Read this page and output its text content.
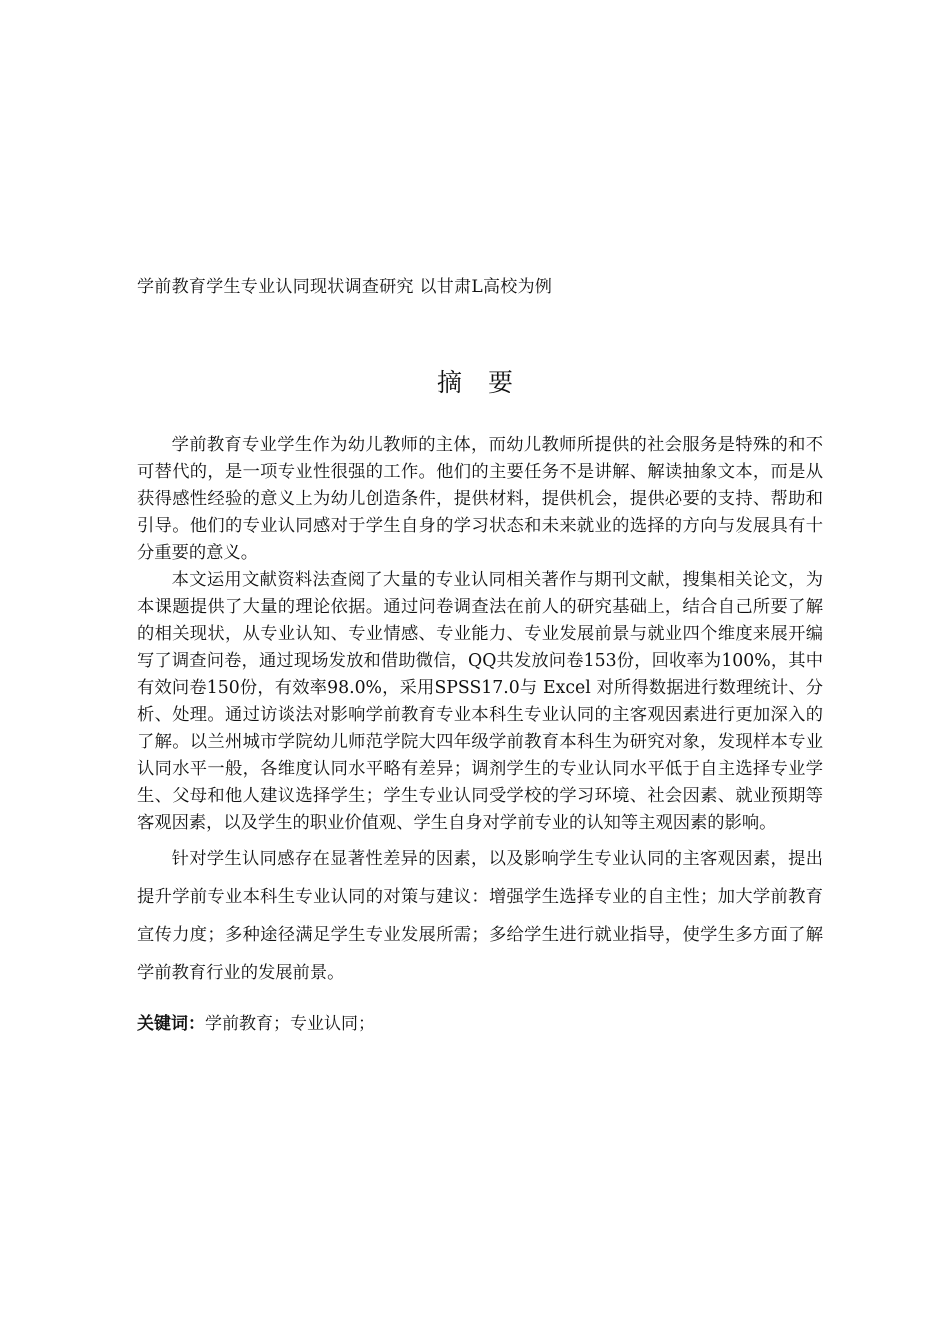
学前教育学生专业认同现状调查研究 以甘肃L高校为例
摘要

学前教育专业学生作为幼儿教师的主体，而幼儿教师所提供的社会服务是特殊的和不可替代的，是一项专业性很强的工作。他们的主要任务不是讲解、解读抽象文本，而是从获得感性经验的意义上为幼儿创造条件，提供材料，提供机会，提供必要的支持、帮助和引导。他们的专业认同感对于学生自身的学习状态和未来就业的选择的方向与发展具有十分重要的意义。

本文运用文献资料法查阅了大量的专业认同相关著作与期刊文献，搜集相关论文，为本课题提供了大量的理论依据。通过问卷调查法在前人的研究基础上，结合自己所要了解的相关现状，从专业认知、专业情感、专业能力、专业发展前景与就业四个维度来展开编写了调查问卷，通过现场发放和借助微信，QQ共发放问卷153份，回收率为100%，其中有效问卷150份，有效率98.0%，采用SPSS17.0与 Excel 对所得数据进行数理统计、分析、处理。通过访谈法对影响学前教育专业本科生专业认同的主客观因素进行更加深入的了解。以兰州城市学院幼儿师范学院大四年级学前教育本科生为研究对象，发现样本专业认同水平一般，各维度认同水平略有差异；调剂学生的专业认同水平低于自主选择专业学生、父母和他人建议选择学生；学生专业认同受学校的学习环境、社会因素、就业预期等客观因素，以及学生的职业价值观、学生自身对学前专业的认知等主观因素的影响。

针对学生认同感存在显著性差异的因素，以及影响学生专业认同的主客观因素，提出提升学前专业本科生专业认同的对策与建议：增强学生选择专业的自主性；加大学前教育宣传力度；多种途径满足学生专业发展所需；多给学生进行就业指导，使学生多方面了解学前教育行业的发展前景。

关键词：学前教育；专业认同；
